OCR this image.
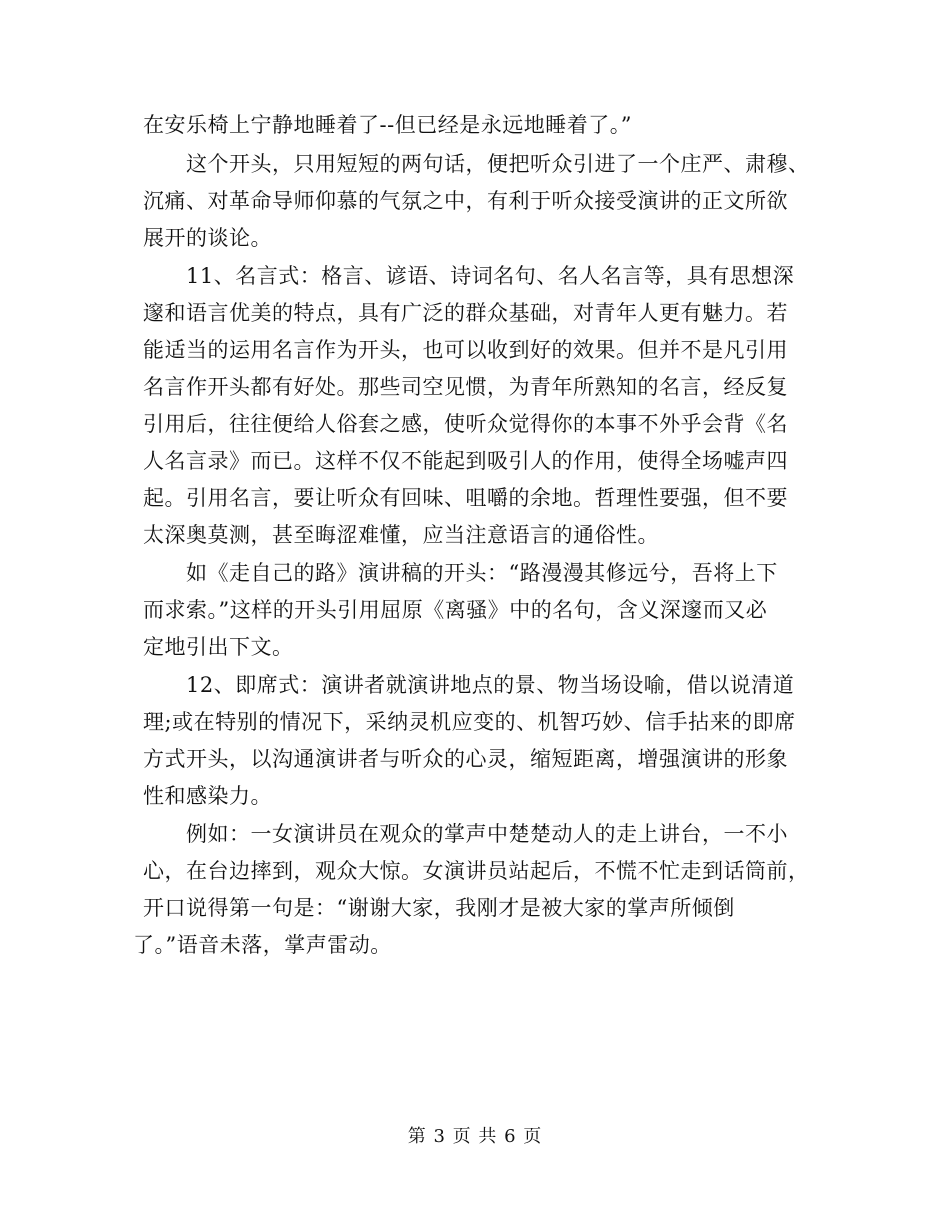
在安乐椅上宁静地睡着了--但已经是永远地睡着了。”
这个开头，只用短短的两句话，便把听众引进了一个庄严、肃穆、
沉痛、对革命导师仰慕的气氛之中，有利于听众接受演讲的正文所欲
展开的谈论。
11、名言式：格言、谚语、诗词名句、名人名言等，具有思想深
邃和语言优美的特点，具有广泛的群众基础，对青年人更有魅力。若
能适当的运用名言作为开头，也可以收到好的效果。但并不是凡引用
名言作开头都有好处。那些司空见惯，为青年所熟知的名言，经反复
引用后，往往便给人俗套之感，使听众觉得你的本事不外乎会背《名
人名言录》而已。这样不仅不能起到吸引人的作用，使得全场嘘声四
起。引用名言，要让听众有回味、咀嚼的余地。哲理性要强，但不要
太深奥莫测，甚至晦涩难懂，应当注意语言的通俗性。
如《走自己的路》演讲稿的开头：“路漫漫其修远兮，吾将上下
而求索。”这样的开头引用屈原《离骚》中的名句，含义深邃而又必
定地引出下文。
12、即席式：演讲者就演讲地点的景、物当场设喻，借以说清道
理;或在特别的情况下，采纳灵机应变的、机智巧妙、信手拈来的即席
方式开头，以沟通演讲者与听众的心灵，缩短距离，增强演讲的形象
性和感染力。
例如：一女演讲员在观众的掌声中楚楚动人的走上讲台，一不小
心，在台边摔到，观众大惊。女演讲员站起后，不慌不忙走到话筒前，
开口说得第一句是：“谢谢大家，我刚才是被大家的掌声所倾倒
了。”语音未落，掌声雷动。
第 3 页 共 6 页
